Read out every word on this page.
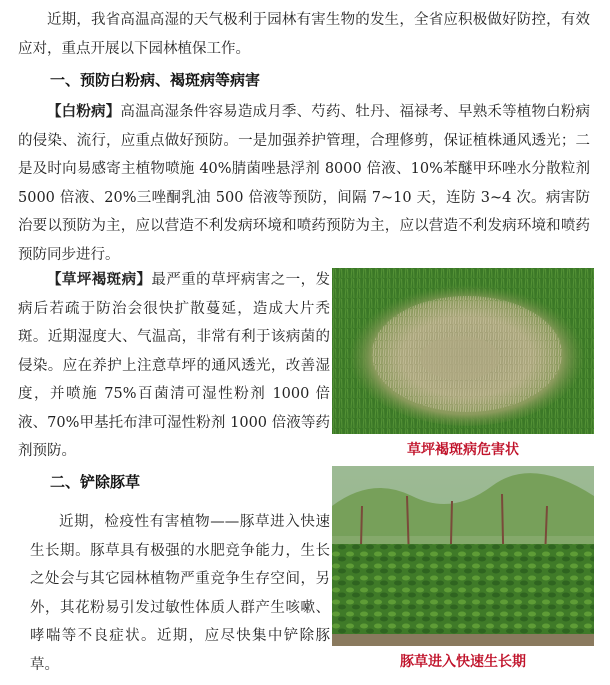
近期，我省高温高湿的天气极利于园林有害生物的发生，全省应积极做好防控，有效应对，重点开展以下园林植保工作。

一、预防白粉病、褐斑病等病害

【白粉病】高温高湿条件容易造成月季、芍药、牡丹、福禄考、早熟禾等植物白粉病的侵染、流行，应重点做好预防。一是加强养护管理，合理修剪，保证植株通风透光；二是及时向易感寄主植物喷施 40%腈菌唑悬浮剂 8000 倍液、10%苯醚甲环唑水分散粒剂 5000 倍液、20%三唑酮乳油 500 倍液等预防，间隔 7~10 天，连防 3~4 次。病害防治要以预防为主，应以营造不利发病环境和喷药预防为主，应以营造不利发病环境和喷药预防同步进行。

【草坪褐斑病】最严重的草坪病害之一，发病后若疏于防治会很快扩散蔓延，造成大片秃斑。近期湿度大、气温高，非常有利于该病菌的侵染。应在养护上注意草坪的通风透光，改善湿度，并喷施 75%百菌清可湿性粉剂 1000 倍液、70%甲基托布津可湿性粉剂 1000 倍液等药剂预防。	草坪褐斑病危害状

二、铲除豚草

近期，检疫性有害植物——豚草进入快速生长期。豚草具有极强的水肥竞争能力，生长之处会与其它园林植物严重竞争生存空间，另外，其花粉易引发过敏性体质人群产生咳嗽、哮喘等不良症状。近期，应尽快集中铲除豚草。	豚草进入快速生长期
